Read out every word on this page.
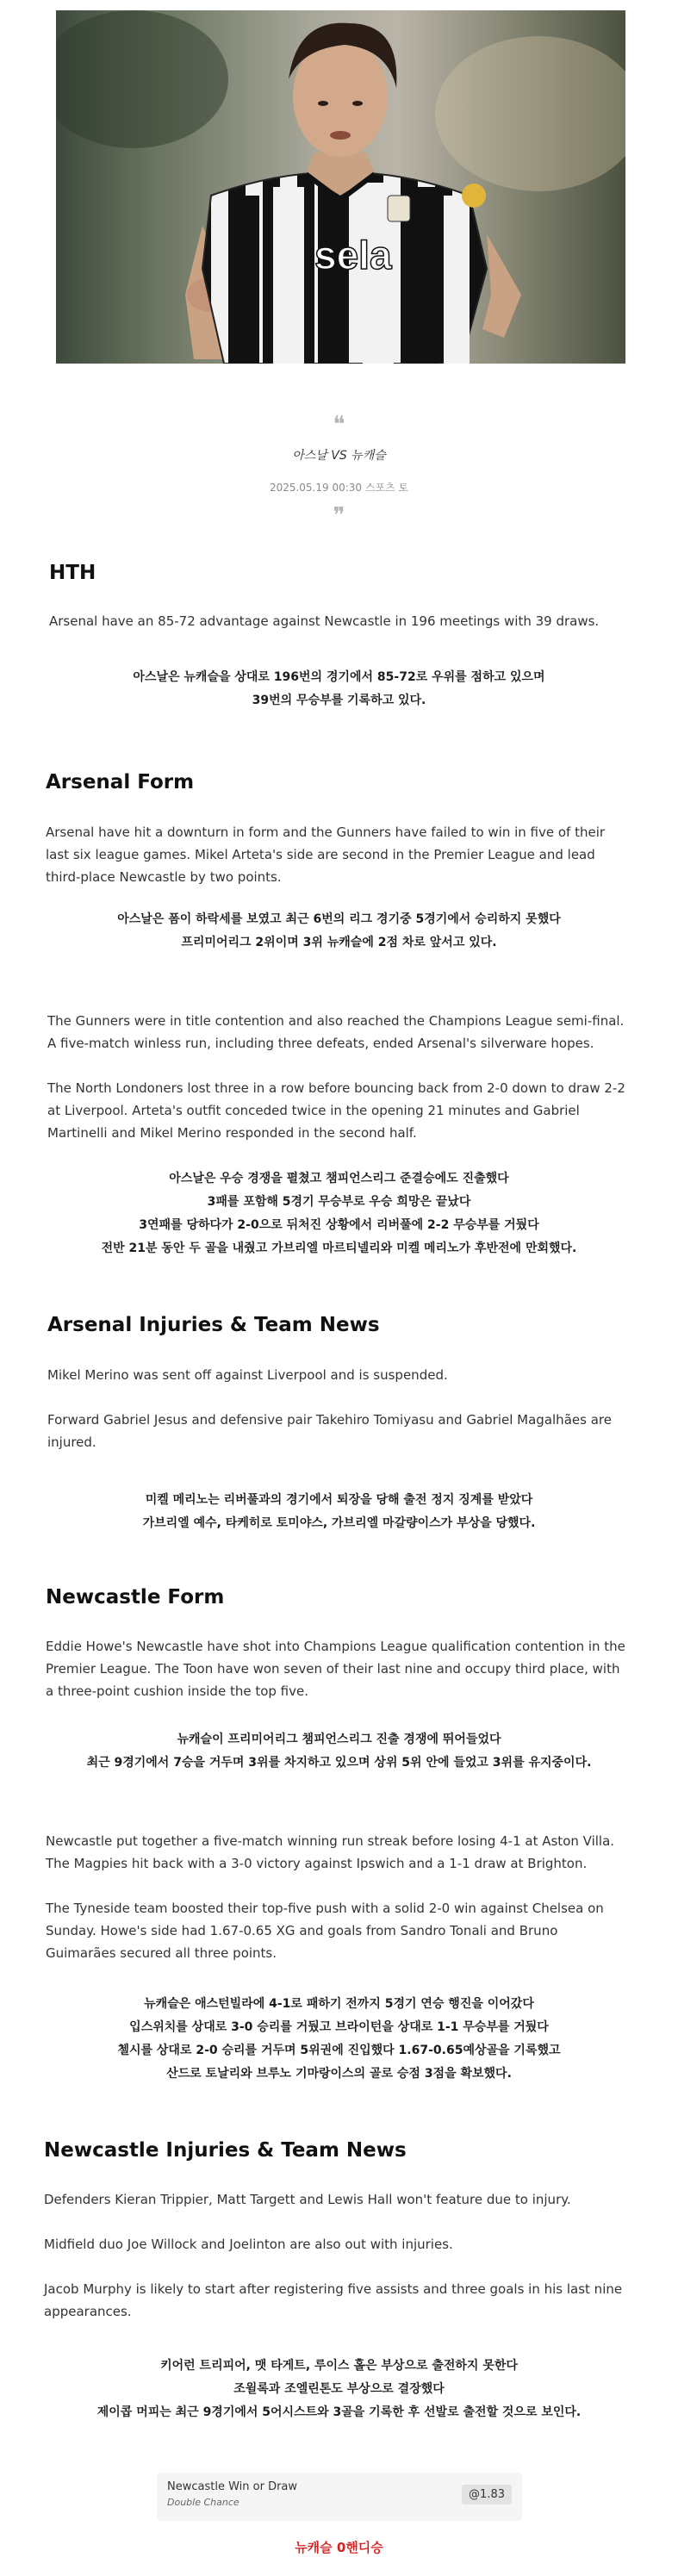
sela
❝
아스날 VS 뉴캐슬
2025.05.19 00:30 스포츠 토
❞
HTH

Arsenal have an 85-72 advantage against Newcastle in 196 meetings with 39 draws.

아스날은 뉴캐슬을 상대로 196번의 경기에서 85-72로 우위를 점하고 있으며
39번의 무승부를 기록하고 있다.
Arsenal Form

Arsenal have hit a downturn in form and the Gunners have failed to win in five of their last six league games. Mikel Arteta's side are second in the Premier League and lead third-place Newcastle by two points.

아스날은 폼이 하락세를 보였고 최근 6번의 리그 경기중 5경기에서 승리하지 못했다
프리미어리그 2위이며 3위 뉴캐슬에 2점 차로 앞서고 있다.

The Gunners were in title contention and also reached the Champions League semi-final. A five-match winless run, including three defeats, ended Arsenal's silverware hopes.

The North Londoners lost three in a row before bouncing back from 2-0 down to draw 2-2 at Liverpool. Arteta's outfit conceded twice in the opening 21 minutes and Gabriel Martinelli and Mikel Merino responded in the second half.

아스날은 우승 경쟁을 펼쳤고 챔피언스리그 준결승에도 진출했다
3패를 포함해 5경기 무승부로 우승 희망은 끝났다
3연패를 당하다가 2-0으로 뒤처진 상황에서 리버풀에 2-2 무승부를 거뒀다
전반 21분 동안 두 골을 내줬고 가브리엘 마르티넬리와 미켈 메리노가 후반전에 만회했다.
Arsenal Injuries & Team News

Mikel Merino was sent off against Liverpool and is suspended.

Forward Gabriel Jesus and defensive pair Takehiro Tomiyasu and Gabriel Magalhães are injured.

미켈 메리노는 리버풀과의 경기에서 퇴장을 당해 출전 정지 징계를 받았다
가브리엘 예수, 타케히로 토미야스, 가브리엘 마갈량이스가 부상을 당했다.
Newcastle Form

Eddie Howe's Newcastle have shot into Champions League qualification contention in the Premier League. The Toon have won seven of their last nine and occupy third place, with a three-point cushion inside the top five.

뉴캐슬이 프리미어리그 챔피언스리그 진출 경쟁에 뛰어들었다
최근 9경기에서 7승을 거두며 3위를 차지하고 있으며 상위 5위 안에 들었고 3위를 유지중이다.

Newcastle put together a five-match winning run streak before losing 4-1 at Aston Villa. The Magpies hit back with a 3-0 victory against Ipswich and a 1-1 draw at Brighton.

The Tyneside team boosted their top-five push with a solid 2-0 win against Chelsea on Sunday. Howe's side had 1.67-0.65 XG and goals from Sandro Tonali and Bruno Guimarães secured all three points.

뉴캐슬은 애스턴빌라에 4-1로 패하기 전까지 5경기 연승 행진을 이어갔다
입스위치를 상대로 3-0 승리를 거뒀고 브라이턴을 상대로 1-1 무승부를 거뒀다
첼시를 상대로 2-0 승리를 거두며 5위권에 진입했다 1.67-0.65예상골을 기록했고
산드로 토날리와 브루노 기마랑이스의 골로 승점 3점을 확보했다.
Newcastle Injuries & Team News

Defenders Kieran Trippier, Matt Targett and Lewis Hall won't feature due to injury.

Midfield duo Joe Willock and Joelinton are also out with injuries.

Jacob Murphy is likely to start after registering five assists and three goals in his last nine appearances.

키어런 트리피어, 맷 타게트, 루이스 홀은 부상으로 출전하지 못한다
조윌록과 조엘린톤도 부상으로 결장했다
제이콥 머피는 최근 9경기에서 5어시스트와 3골을 기록한 후 선발로 출전할 것으로 보인다.
Newcastle Win or Draw
Double Chance
@1.83
뉴캐슬 0핸디승
